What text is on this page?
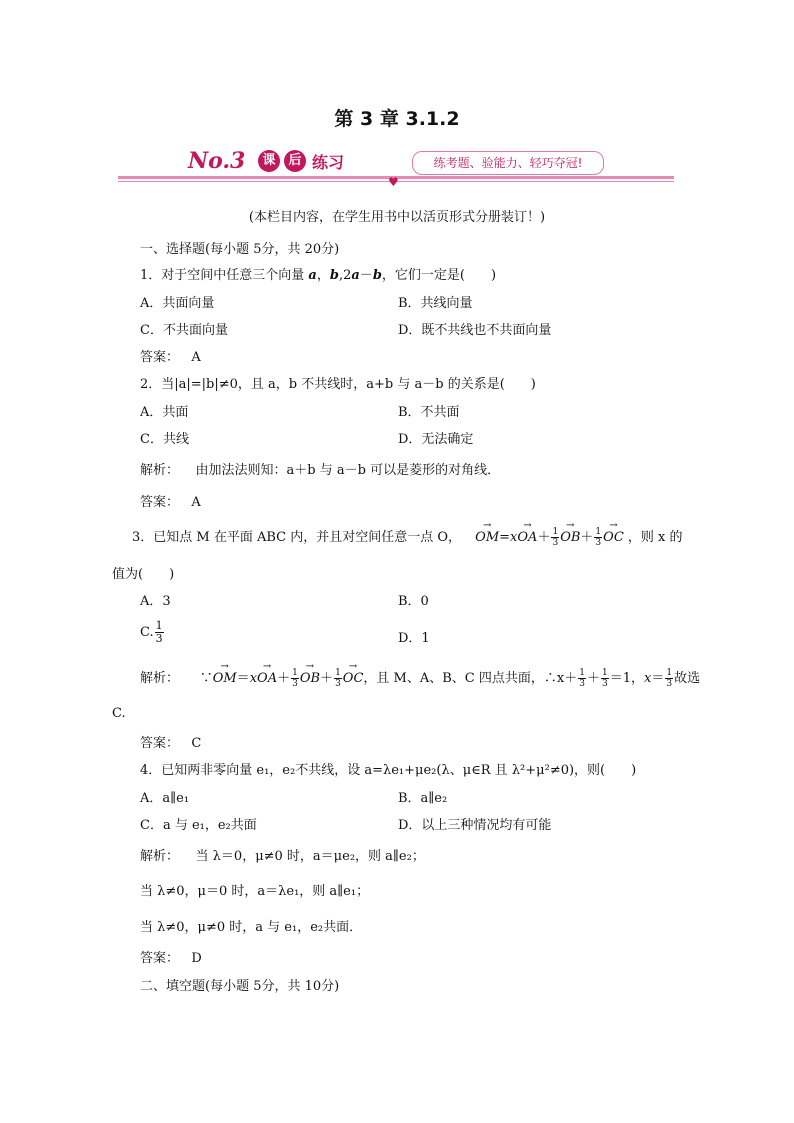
第 3 章 3.1.2
No.3	课 后 练习	练考题、验能力、轻巧夺冠!
♥
(本栏目内容，在学生用书中以活页形式分册装订！)
一、选择题(每小题 5分，共 20分)
1．对于空间中任意三个向量 a，b,2a－b，它们一定是(　　)
A．共面向量	B．共线向量
C．不共面向量	D．既不共线也不共面向量
答案： A
2．当|a|=|b|≠0，且 a，b 不共线时，a+b 与 a－b 的关系是(　　)
A．共面	B．不共面
C．共线	D．无法确定
解析： 由加法法则知：a＋b 与 a－b 可以是菱形的对角线．
答案： A
3．已知点 M 在平面 ABC 内，并且对空间任意一点 O， → $OM=x\to OA+ \frac{1}{3}$
→ $OB+ \frac{1}{3}$
→ OC ，则 x 的
值为(　　)
A．3	B．0
C. $\frac{1}{3}$	D．1
解析： ∵→ $OM=x\to OA+ \frac{1}{3}$
→ $OB+ \frac{1}{3}$
→ OC，且 M、A、B、C 四点共面，∴x＋ $\frac{1}{3} + \frac{1}{3} =1$，$x= \frac{1}{3}$ 故选
C.
答案： C
4．已知两非零向量 e₁，e₂不共线，设 a=λe₁+μe₂(λ、μ∈R 且 λ²+μ²≠0)，则(　　)
A．a∥e₁	B．a∥e₂
C．a 与 e₁，e₂共面	D．以上三种情况均有可能
解析： 当 λ＝0，μ≠0 时，a＝μe₂，则 a∥e₂；
当 λ≠0，μ＝0 时，a＝λe₁，则 a∥e₁；
当 λ≠0，μ≠0 时，a 与 e₁，e₂共面．
答案： D
二、填空题(每小题 5分，共 10分)
